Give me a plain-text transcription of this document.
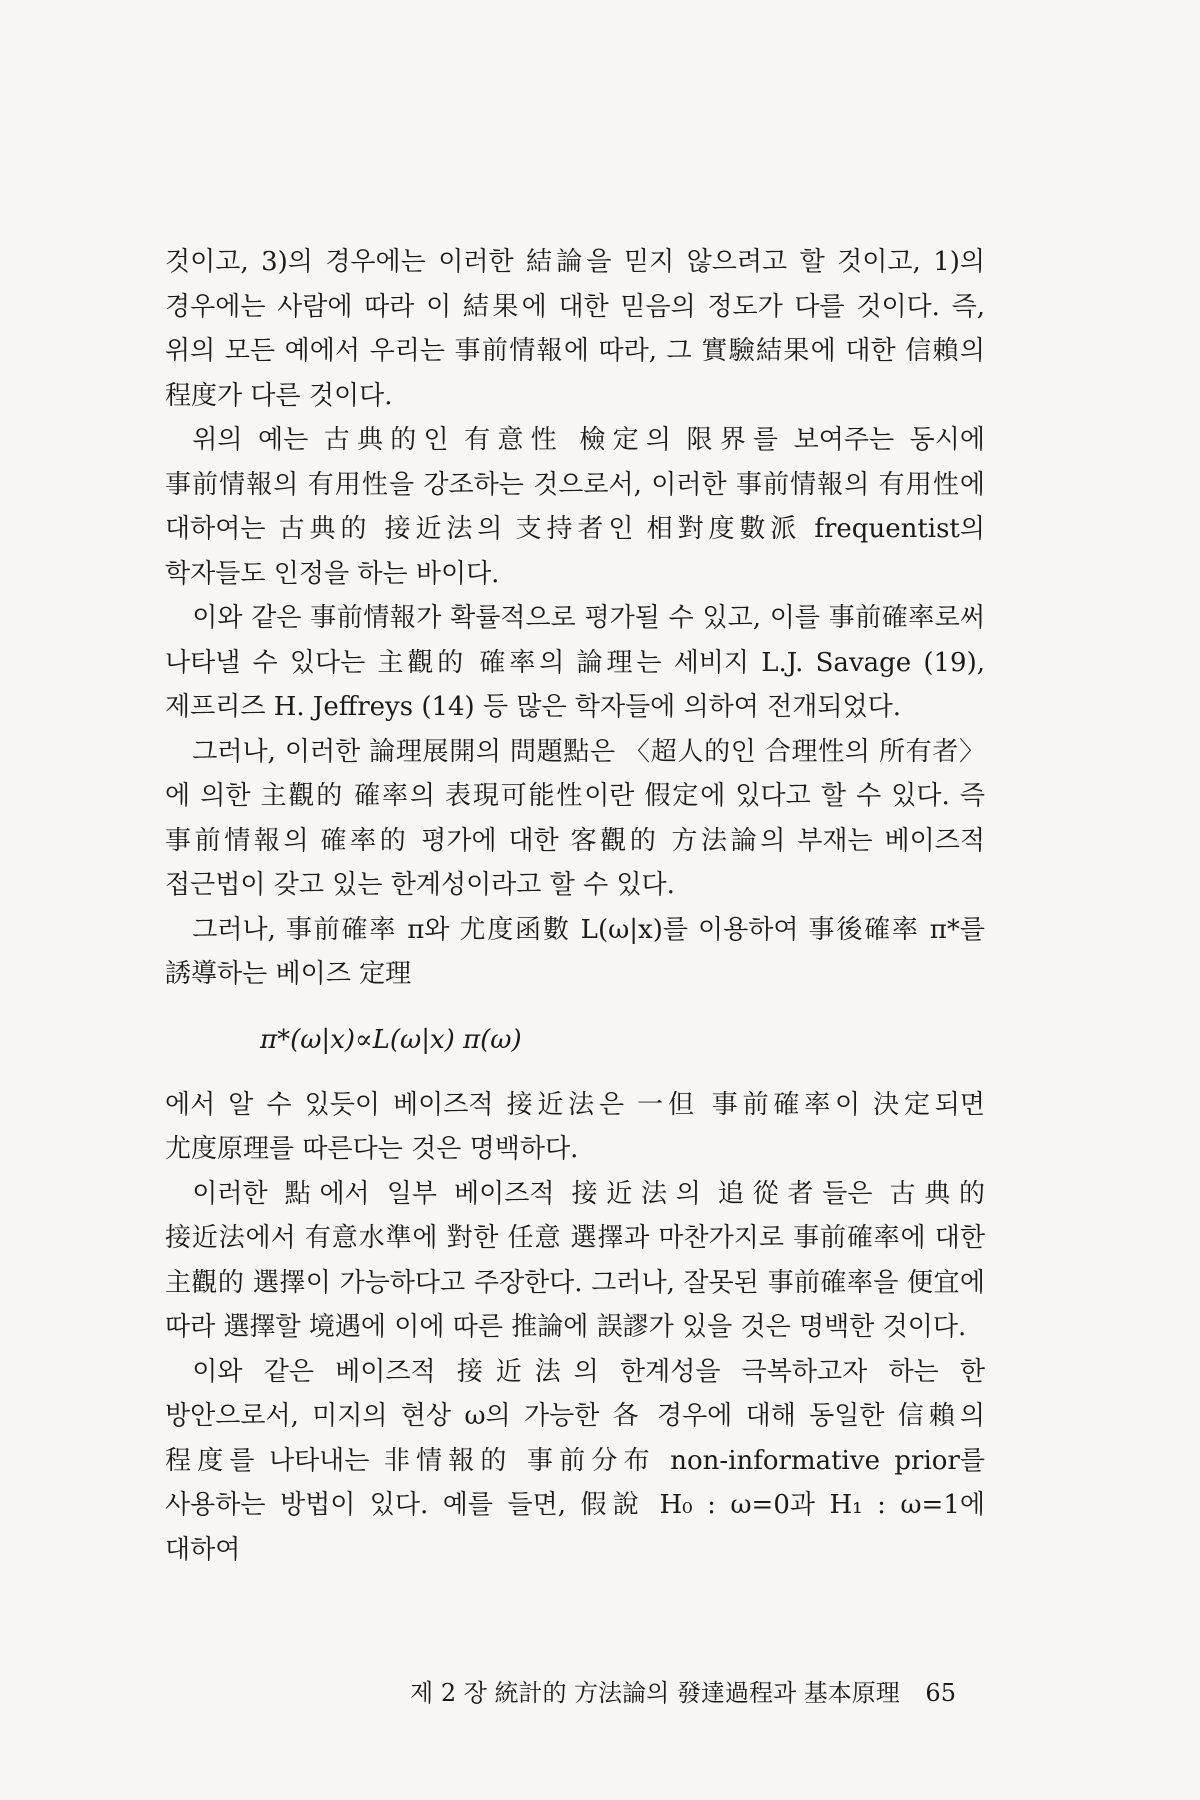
것이고, 3)의 경우에는 이러한 結論을 믿지 않으려고 할 것이고, 1)의 경우에는 사람에 따라 이 結果에 대한 믿음의 정도가 다를 것이다. 즉, 위의 모든 예에서 우리는 事前情報에 따라, 그 實驗結果에 대한 信賴의 程度가 다른 것이다.

위의 예는 古典的인 有意性 檢定의 限界를 보여주는 동시에 事前情報의 有用性을 강조하는 것으로서, 이러한 事前情報의 有用性에 대하여는 古典的 接近法의 支持者인 相對度數派 frequentist의 학자들도 인정을 하는 바이다.

이와 같은 事前情報가 확률적으로 평가될 수 있고, 이를 事前確率로써 나타낼 수 있다는 主觀的 確率의 論理는 세비지 L.J. Savage (19), 제프리즈 H. Jeffreys (14) 등 많은 학자들에 의하여 전개되었다.

그러나, 이러한 論理展開의 問題點은 〈超人的인 合理性의 所有者〉에 의한 主觀的 確率의 表現可能性이란 假定에 있다고 할 수 있다. 즉 事前情報의 確率的 평가에 대한 客觀的 方法論의 부재는 베이즈적 접근법이 갖고 있는 한계성이라고 할 수 있다.

그러나, 事前確率 π와 尤度函數 L(ω|x)를 이용하여 事後確率 π*를 誘導하는 베이즈 定理

π*(ω|x)∝L(ω|x) π(ω)

에서 알 수 있듯이 베이즈적 接近法은 一但 事前確率이 決定되면 尤度原理를 따른다는 것은 명백하다.

이러한 點에서 일부 베이즈적 接近法의 追從者들은 古典的 接近法에서 有意水準에 對한 任意 選擇과 마찬가지로 事前確率에 대한 主觀的 選擇이 가능하다고 주장한다. 그러나, 잘못된 事前確率을 便宜에 따라 選擇할 境遇에 이에 따른 推論에 誤謬가 있을 것은 명백한 것이다.

이와 같은 베이즈적 接近法의 한계성을 극복하고자 하는 한 방안으로서, 미지의 현상 ω의 가능한 各 경우에 대해 동일한 信賴의 程度를 나타내는 非情報的 事前分布 non-informative prior를 사용하는 방법이 있다. 예를 들면, 假說 H₀ : ω=0과 H₁ : ω=1에 대하여

제 2 장 統計的 方法論의 發達過程과 基本原理 65
